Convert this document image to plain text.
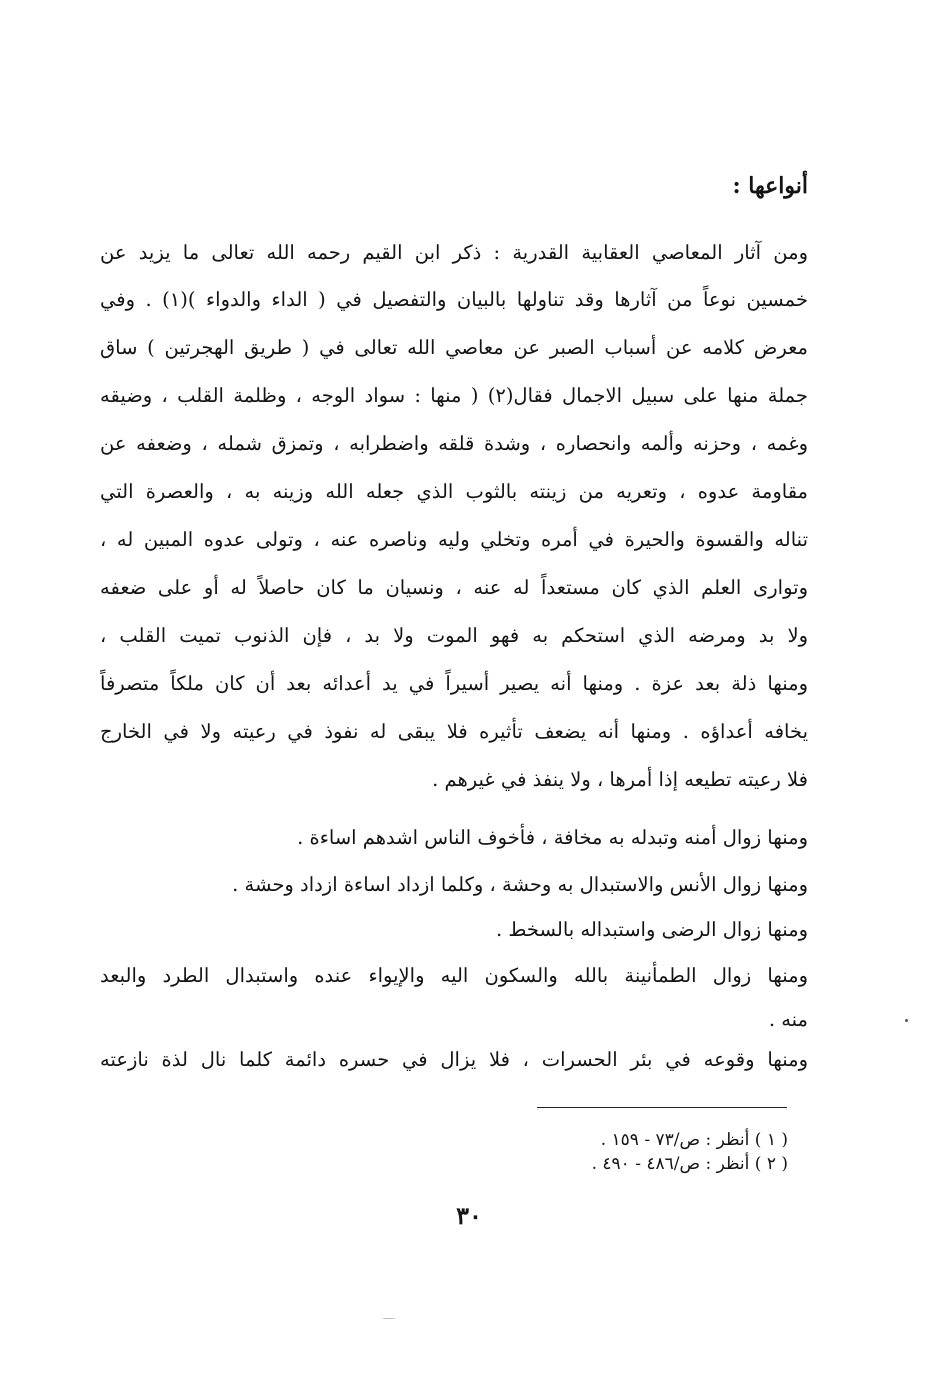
أنواعها :
ومن آثار المعاصي العقابية القدرية : ذكر ابن القيم رحمه الله تعالى ما يزيد عن
خمسين نوعاً من آثارها وقد تناولها بالبيان والتفصيل في ( الداء والدواء )(١) . وفي
معرض كلامه عن أسباب الصبر عن معاصي الله تعالى في ( طريق الهجرتين ) ساق
جملة منها على سبيل الاجمال فقال(٢) ( منها : سواد الوجه ، وظلمة القلب ، وضيقه
وغمه ، وحزنه وألمه وانحصاره ، وشدة قلقه واضطرابه ، وتمزق شمله ، وضعفه عن
مقاومة عدوه ، وتعريه من زينته بالثوب الذي جعله الله وزينه به ، والعصرة التي
تناله والقسوة والحيرة في أمره وتخلي وليه وناصره عنه ، وتولى عدوه المبين له ،
وتوارى العلم الذي كان مستعداً له عنه ، ونسيان ما كان حاصلاً له أو على ضعفه
ولا بد ومرضه الذي استحكم به فهو الموت ولا بد ، فإن الذنوب تميت القلب ،
ومنها ذلة بعد عزة . ومنها أنه يصير أسيراً في يد أعدائه بعد أن كان ملكاً متصرفاً
يخافه أعداؤه . ومنها أنه يضعف تأثيره فلا يبقى له نفوذ في رعيته ولا في الخارج
فلا رعيته تطيعه إذا أمرها ، ولا ينفذ في غيرهم .
ومنها زوال أمنه وتبدله به مخافة ، فأخوف الناس اشدهم اساءة .
ومنها زوال الأنس والاستبدال به وحشة ، وكلما ازداد اساءة ازداد وحشة .
ومنها زوال الرضى واستبداله بالسخط .
ومنها زوال الطمأنينة بالله والسكون اليه والإيواء عنده واستبدال الطرد والبعد
منه .
ومنها وقوعه في بئر الحسرات ، فلا يزال في حسره دائمة كلما نال لذة نازعته
( ١ ) أنظر : ص/٧٣ - ١٥٩ .
( ٢ ) أنظر : ص/٤٨٦ - ٤٩٠ .
٣٠
